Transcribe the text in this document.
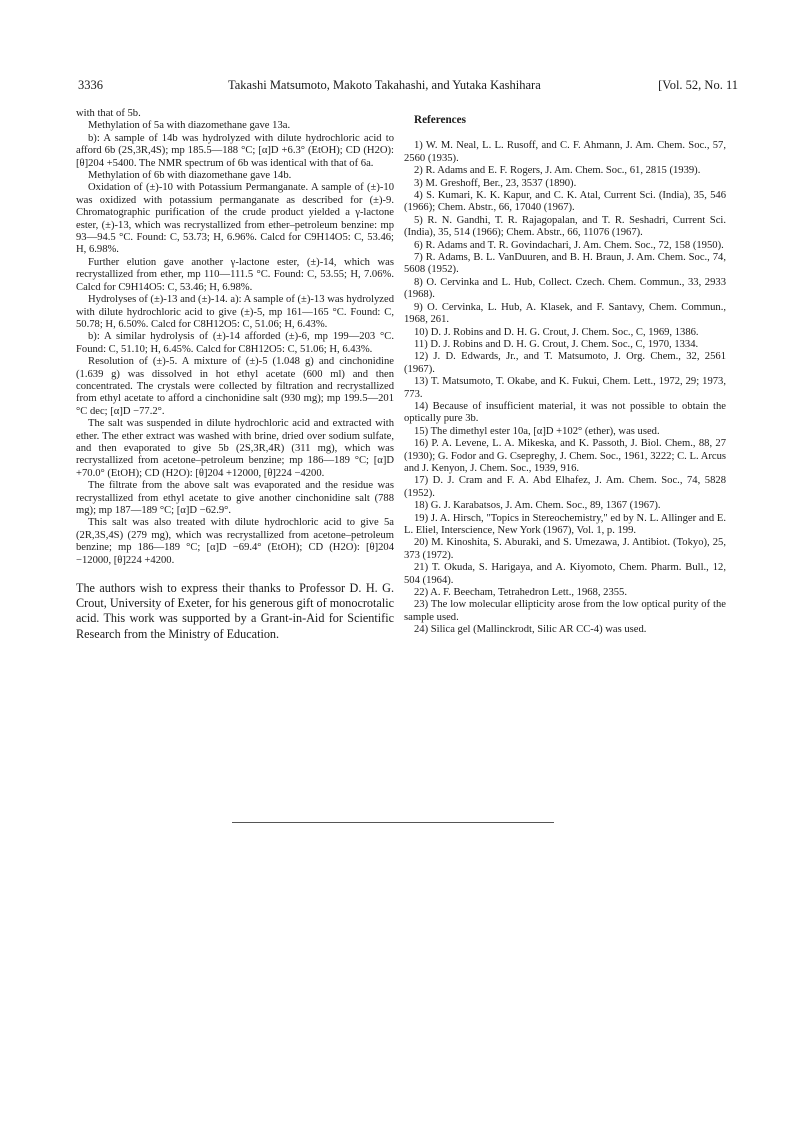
3336	Takashi Matsumoto, Makoto Takahashi, and Yutaka Kashihara	[Vol. 52, No. 11

with that of 5b.

Methylation of 5a with diazomethane gave 13a.

b): A sample of 14b was hydrolyzed with dilute hydrochloric acid to afford 6b (2S,3R,4S); mp 185.5—188 °C; [α]D +6.3° (EtOH); CD (H2O): [θ]204 +5400. The NMR spectrum of 6b was identical with that of 6a.

Methylation of 6b with diazomethane gave 14b.

Oxidation of (±)-10 with Potassium Permanganate. A sample of (±)-10 was oxidized with potassium permanganate as described for (±)-9. Chromatographic purification of the crude product yielded a γ-lactone ester, (±)-13, which was recrystallized from ether–petroleum benzine: mp 93—94.5 °C. Found: C, 53.73; H, 6.96%. Calcd for C9H14O5: C, 53.46; H, 6.98%.

Further elution gave another γ-lactone ester, (±)-14, which was recrystallized from ether, mp 110—111.5 °C. Found: C, 53.55; H, 7.06%. Calcd for C9H14O5: C, 53.46; H, 6.98%.

Hydrolyses of (±)-13 and (±)-14. a): A sample of (±)-13 was hydrolyzed with dilute hydrochloric acid to give (±)-5, mp 161—165 °C. Found: C, 50.78; H, 6.50%. Calcd for C8H12O5: C, 51.06; H, 6.43%.

b): A similar hydrolysis of (±)-14 afforded (±)-6, mp 199—203 °C. Found: C, 51.10; H, 6.45%. Calcd for C8H12O5: C, 51.06; H, 6.43%.

Resolution of (±)-5. A mixture of (±)-5 (1.048 g) and cinchonidine (1.639 g) was dissolved in hot ethyl acetate (600 ml) and then concentrated. The crystals were collected by filtration and recrystallized from ethyl acetate to afford a cinchonidine salt (930 mg); mp 199.5—201 °C dec; [α]D −77.2°.

The salt was suspended in dilute hydrochloric acid and extracted with ether. The ether extract was washed with brine, dried over sodium sulfate, and then evaporated to give 5b (2S,3R,4R) (311 mg), which was recrystallized from acetone–petroleum benzine; mp 186—189 °C; [α]D +70.0° (EtOH); CD (H2O): [θ]204 +12000, [θ]224 −4200.

The filtrate from the above salt was evaporated and the residue was recrystallized from ethyl acetate to give another cinchonidine salt (788 mg); mp 187—189 °C; [α]D −62.9°.

This salt was also treated with dilute hydrochloric acid to give 5a (2R,3S,4S) (279 mg), which was recrystallized from acetone–petroleum benzine; mp 186—189 °C; [α]D −69.4° (EtOH); CD (H2O): [θ]204 −12000, [θ]224 +4200.

The authors wish to express their thanks to Professor D. H. G. Crout, University of Exeter, for his generous gift of monocrotalic acid. This work was supported by a Grant-in-Aid for Scientific Research from the Ministry of Education.

References

1) W. M. Neal, L. L. Rusoff, and C. F. Ahmann, J. Am. Chem. Soc., 57, 2560 (1935).

2) R. Adams and E. F. Rogers, J. Am. Chem. Soc., 61, 2815 (1939).

3) M. Greshoff, Ber., 23, 3537 (1890).

4) S. Kumari, K. K. Kapur, and C. K. Atal, Current Sci. (India), 35, 546 (1966); Chem. Abstr., 66, 17040 (1967).

5) R. N. Gandhi, T. R. Rajagopalan, and T. R. Seshadri, Current Sci. (India), 35, 514 (1966); Chem. Abstr., 66, 11076 (1967).

6) R. Adams and T. R. Govindachari, J. Am. Chem. Soc., 72, 158 (1950).

7) R. Adams, B. L. VanDuuren, and B. H. Braun, J. Am. Chem. Soc., 74, 5608 (1952).

8) O. Cervinka and L. Hub, Collect. Czech. Chem. Commun., 33, 2933 (1968).

9) O. Cervinka, L. Hub, A. Klasek, and F. Santavy, Chem. Commun., 1968, 261.

10) D. J. Robins and D. H. G. Crout, J. Chem. Soc., C, 1969, 1386.

11) D. J. Robins and D. H. G. Crout, J. Chem. Soc., C, 1970, 1334.

12) J. D. Edwards, Jr., and T. Matsumoto, J. Org. Chem., 32, 2561 (1967).

13) T. Matsumoto, T. Okabe, and K. Fukui, Chem. Lett., 1972, 29; 1973, 773.

14) Because of insufficient material, it was not possible to obtain the optically pure 3b.

15) The dimethyl ester 10a, [α]D +102° (ether), was used.

16) P. A. Levene, L. A. Mikeska, and K. Passoth, J. Biol. Chem., 88, 27 (1930); G. Fodor and G. Csepreghy, J. Chem. Soc., 1961, 3222; C. L. Arcus and J. Kenyon, J. Chem. Soc., 1939, 916.

17) D. J. Cram and F. A. Abd Elhafez, J. Am. Chem. Soc., 74, 5828 (1952).

18) G. J. Karabatsos, J. Am. Chem. Soc., 89, 1367 (1967).

19) J. A. Hirsch, "Topics in Stereochemistry," ed by N. L. Allinger and E. L. Eliel, Interscience, New York (1967), Vol. 1, p. 199.

20) M. Kinoshita, S. Aburaki, and S. Umezawa, J. Antibiot. (Tokyo), 25, 373 (1972).

21) T. Okuda, S. Harigaya, and A. Kiyomoto, Chem. Pharm. Bull., 12, 504 (1964).

22) A. F. Beecham, Tetrahedron Lett., 1968, 2355.

23) The low molecular ellipticity arose from the low optical purity of the sample used.

24) Silica gel (Mallinckrodt, Silic AR CC-4) was used.
